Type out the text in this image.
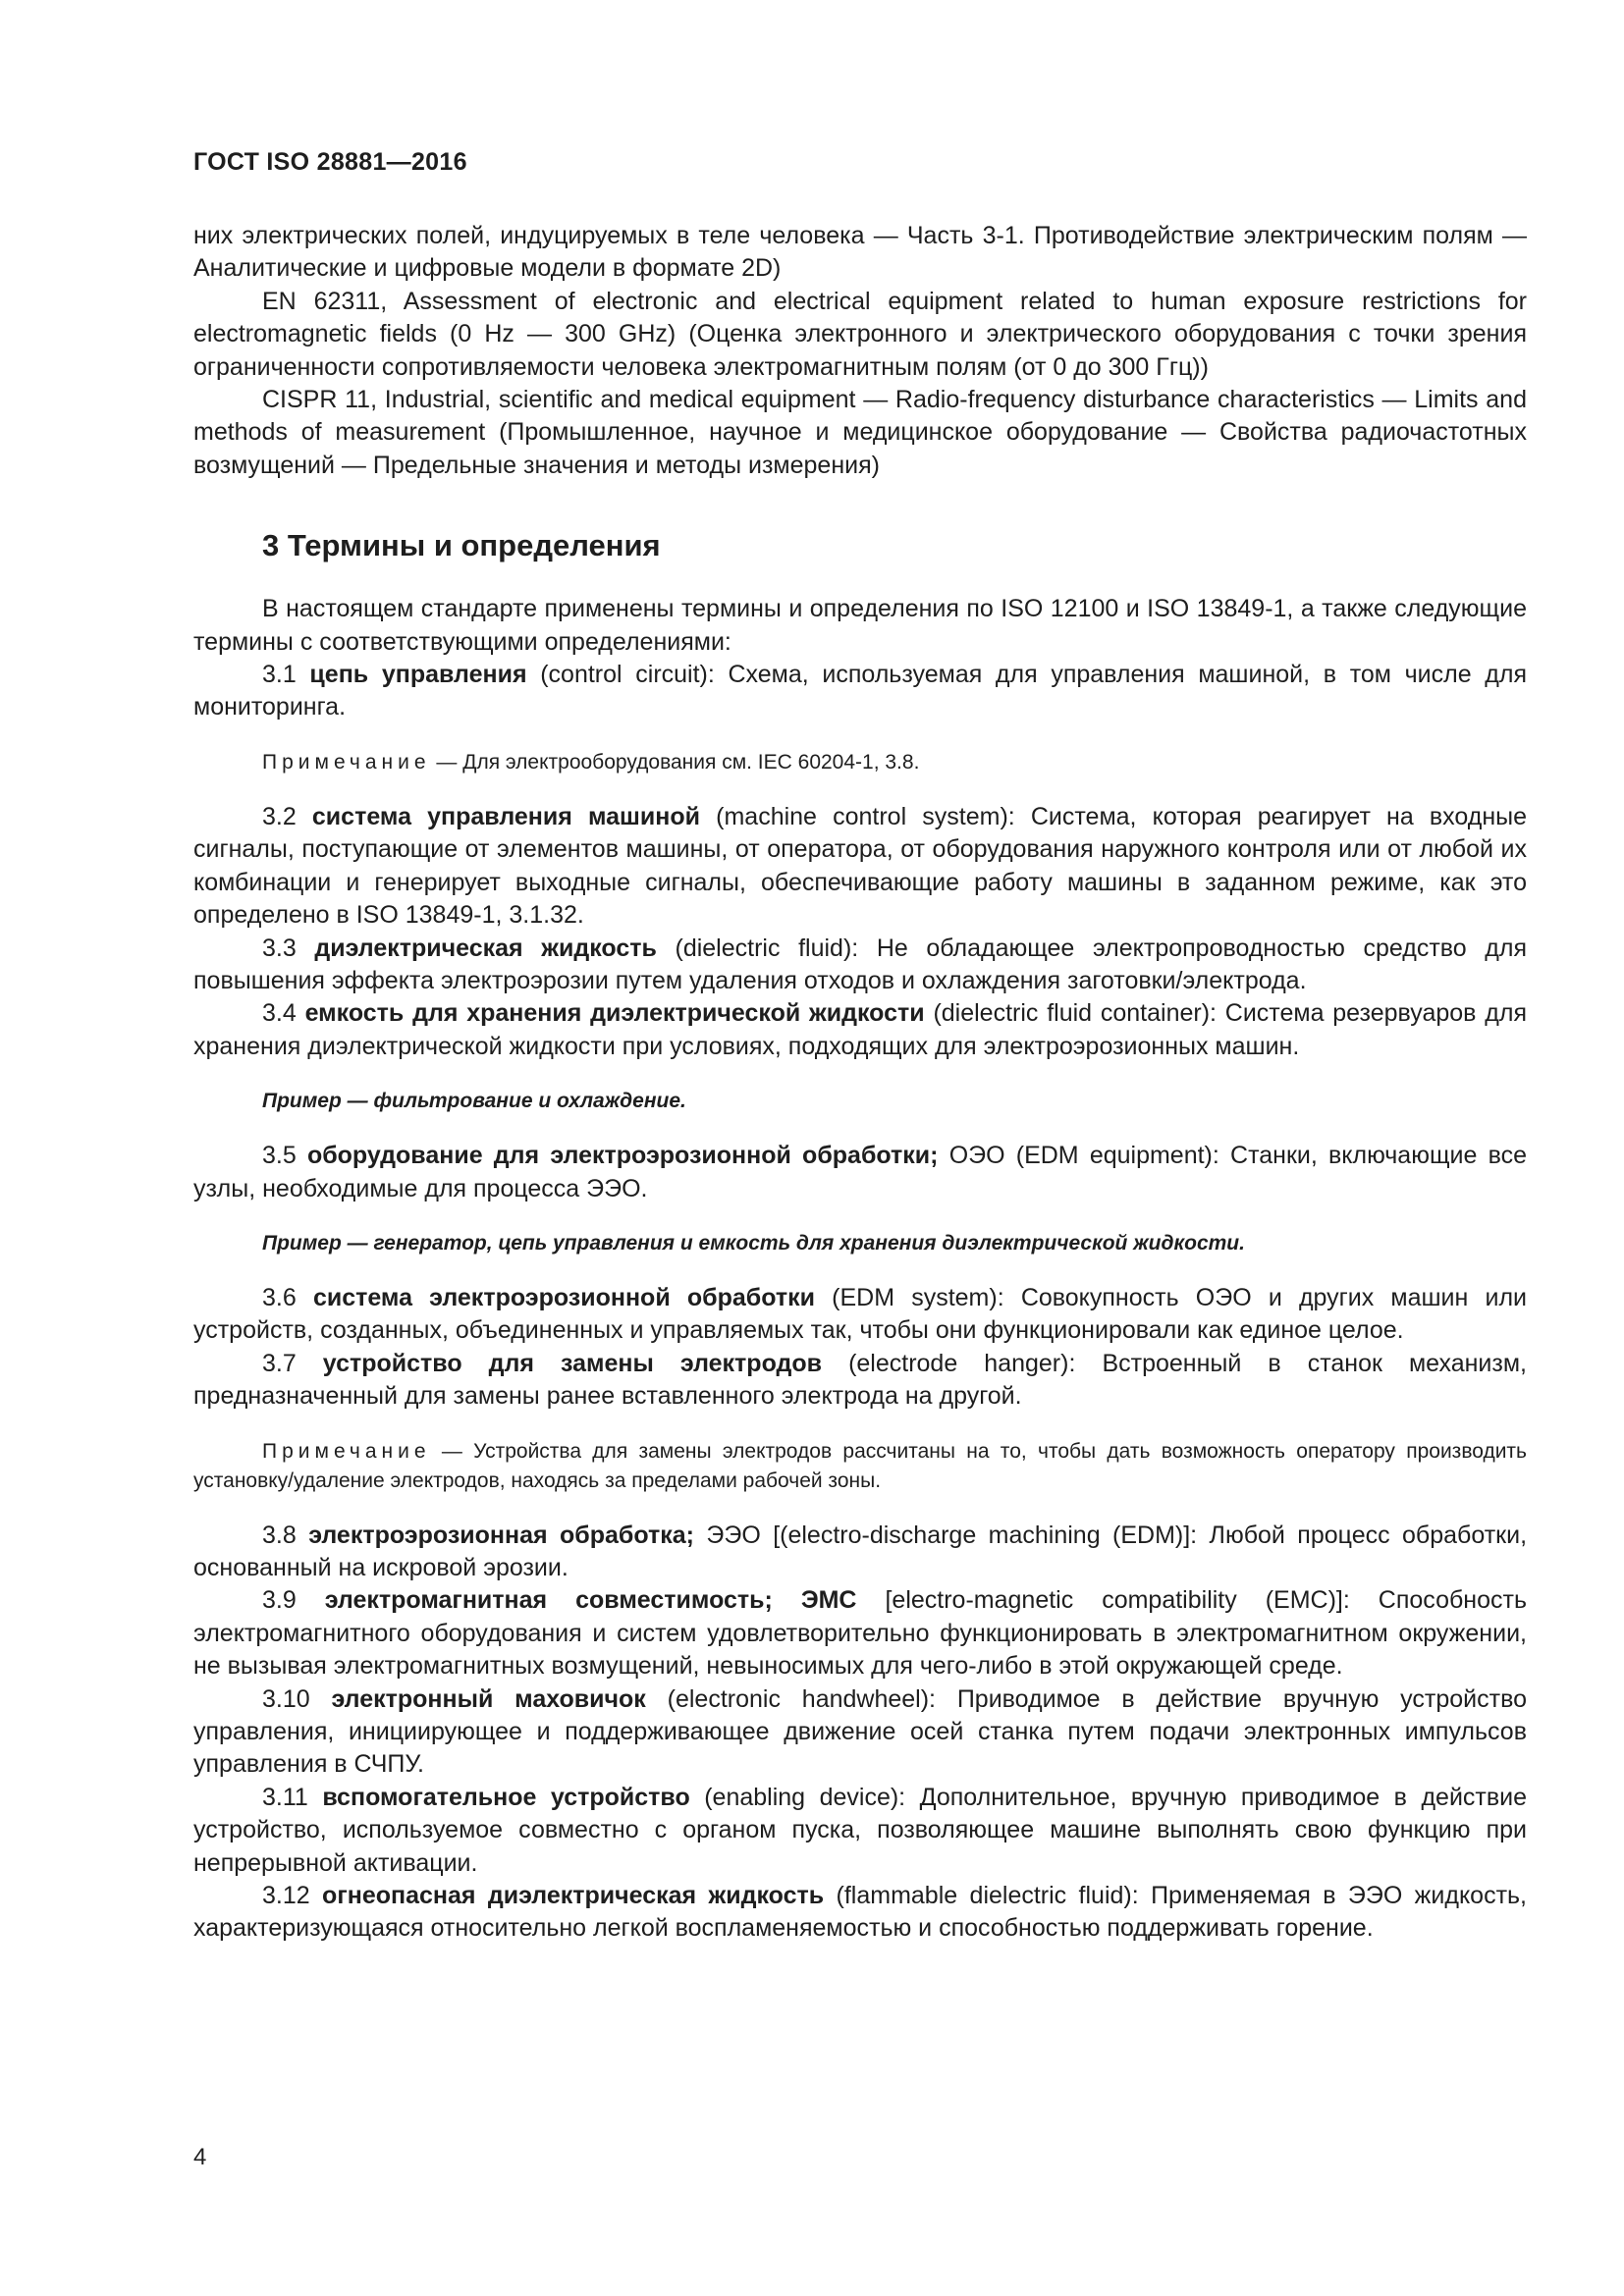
ГОСТ ISO 28881—2016

них электрических полей, индуцируемых в теле человека — Часть 3-1. Противодействие электрическим полям — Аналитические и цифровые модели в формате 2D)

EN 62311, Assessment of electronic and electrical equipment related to human exposure restrictions for electromagnetic fields (0 Hz — 300 GHz) (Оценка электронного и электрического оборудования с точки зрения ограниченности сопротивляемости человека электромагнитным полям (от 0 до 300 Ггц))

CISPR 11, Industrial, scientific and medical equipment — Radio-frequency disturbance characteristics — Limits and methods of measurement (Промышленное, научное и медицинское оборудование — Свойства радиочастотных возмущений — Предельные значения и методы измерения)

3 Термины и определения

В настоящем стандарте применены термины и определения по ISO 12100 и ISO 13849-1, а также следующие термины с соответствующими определениями:

3.1 цепь управления (control circuit): Схема, используемая для управления машиной, в том числе для мониторинга.

Примечание — Для электрооборудования см. IEC 60204-1, 3.8.

3.2 система управления машиной (machine control system): Система, которая реагирует на входные сигналы, поступающие от элементов машины, от оператора, от оборудования наружного контроля или от любой их комбинации и генерирует выходные сигналы, обеспечивающие работу машины в заданном режиме, как это определено в ISO 13849-1, 3.1.32.

3.3 диэлектрическая жидкость (dielectric fluid): Не обладающее электропроводностью средство для повышения эффекта электроэрозии путем удаления отходов и охлаждения заготовки/электрода.

3.4 емкость для хранения диэлектрической жидкости (dielectric fluid container): Система резервуаров для хранения диэлектрической жидкости при условиях, подходящих для электроэрозионных машин.

Пример — фильтрование и охлаждение.

3.5 оборудование для электроэрозионной обработки; ОЭО (EDM equipment): Станки, включающие все узлы, необходимые для процесса ЭЭО.

Пример — генератор, цепь управления и емкость для хранения диэлектрической жидкости.

3.6 система электроэрозионной обработки (EDM system): Совокупность ОЭО и других машин или устройств, созданных, объединенных и управляемых так, чтобы они функционировали как единое целое.

3.7 устройство для замены электродов (electrode hanger): Встроенный в станок механизм, предназначенный для замены ранее вставленного электрода на другой.

Примечание — Устройства для замены электродов рассчитаны на то, чтобы дать возможность оператору производить установку/удаление электродов, находясь за пределами рабочей зоны.

3.8 электроэрозионная обработка; ЭЭО [(electro-discharge machining (EDM)]: Любой процесс обработки, основанный на искровой эрозии.

3.9 электромагнитная совместимость; ЭМС [electro-magnetic compatibility (EMC)]: Способность электромагнитного оборудования и систем удовлетворительно функционировать в электромагнитном окружении, не вызывая электромагнитных возмущений, невыносимых для чего-либо в этой окружающей среде.

3.10 электронный маховичок (electronic handwheel): Приводимое в действие вручную устройство управления, инициирующее и поддерживающее движение осей станка путем подачи электронных импульсов управления в СЧПУ.

3.11 вспомогательное устройство (enabling device): Дополнительное, вручную приводимое в действие устройство, используемое совместно с органом пуска, позволяющее машине выполнять свою функцию при непрерывной активации.

3.12 огнеопасная диэлектрическая жидкость (flammable dielectric fluid): Применяемая в ЭЭО жидкость, характеризующаяся относительно легкой воспламеняемостью и способностью поддерживать горение.

4
